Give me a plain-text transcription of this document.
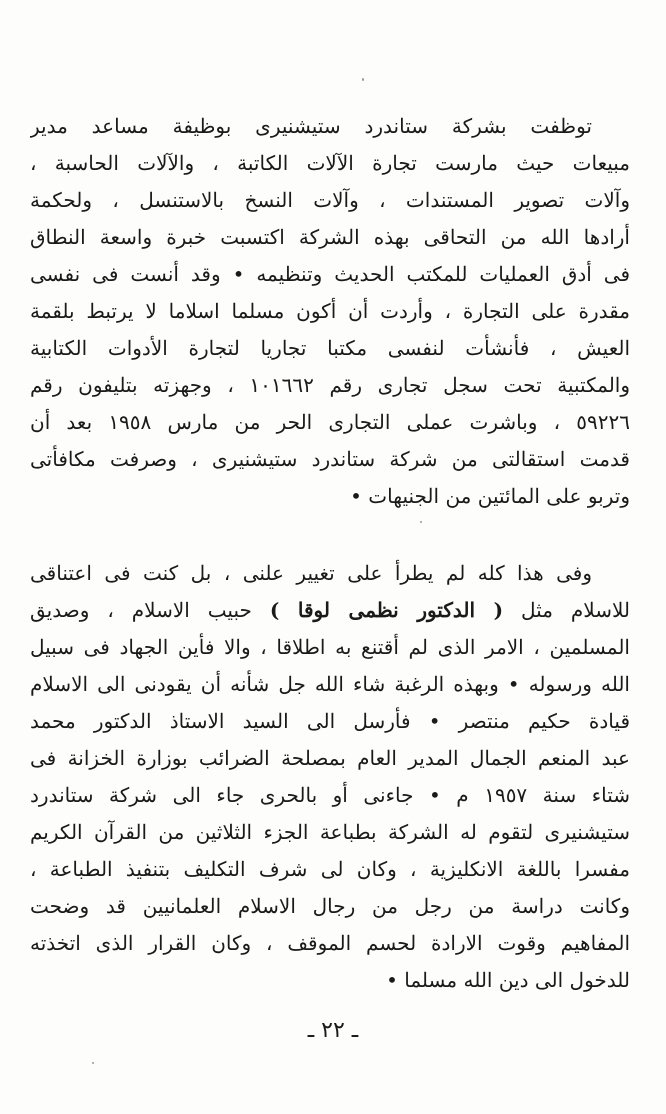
توظفت بشركة ستاندرد ستيشنيرى بوظيفة مساعد مدير
مبيعات حيث مارست تجارة الآلات الكاتبة ، والآلات الحاسبة ،
وآلات تصوير المستندات ، وآلات النسخ بالاستنسل ، ولحكمة
أرادها الله من التحاقى بهذه الشركة اكتسبت خبرة واسعة النطاق
فى أدق العمليات للمكتب الحديث وتنظيمه • وقد أنست فى نفسى
مقدرة على التجارة ، وأردت أن أكون مسلما اسلاما لا يرتبط بلقمة
العيش ، فأنشأت لنفسى مكتبا تجاريا لتجارة الأدوات الكتابية
والمكتبية تحت سجل تجارى رقم ١٠١٦٦٢ ، وجهزته بتليفون رقم
٥٩٢٢٦ ، وباشرت عملى التجارى الحر من مارس ١٩٥٨ بعد أن
قدمت استقالتى من شركة ستاندرد ستيشنيرى ، وصرفت مكافأتى
وتربو على المائتين من الجنيهات •
وفى هذا كله لم يطرأ على تغيير علنى ، بل كنت فى اعتناقى
للاسلام مثل ( الدكتور نظمى لوقا ) حبيب الاسلام ، وصديق
المسلمين ، الامر الذى لم أقتنع به اطلاقا ، والا فأين الجهاد فى سبيل
الله ورسوله • وبهذه الرغبة شاء الله جل شأنه أن يقودنى الى الاسلام
قيادة حكيم منتصر • فأرسل الى السيد الاستاذ الدكتور محمد
عبد المنعم الجمال المدير العام بمصلحة الضرائب بوزارة الخزانة فى
شتاء سنة ١٩٥٧ م • جاءنى أو بالحرى جاء الى شركة ستاندرد
ستيشنيرى لتقوم له الشركة بطباعة الجزء الثلاثين من القرآن الكريم
مفسرا باللغة الانكليزية ، وكان لى شرف التكليف بتنفيذ الطباعة ،
وكانت دراسة من رجل من رجال الاسلام العلمانيين قد وضحت
المفاهيم وقوت الارادة لحسم الموقف ، وكان القرار الذى اتخذته
للدخول الى دين الله مسلما •
ـ ٢٢ ـ
